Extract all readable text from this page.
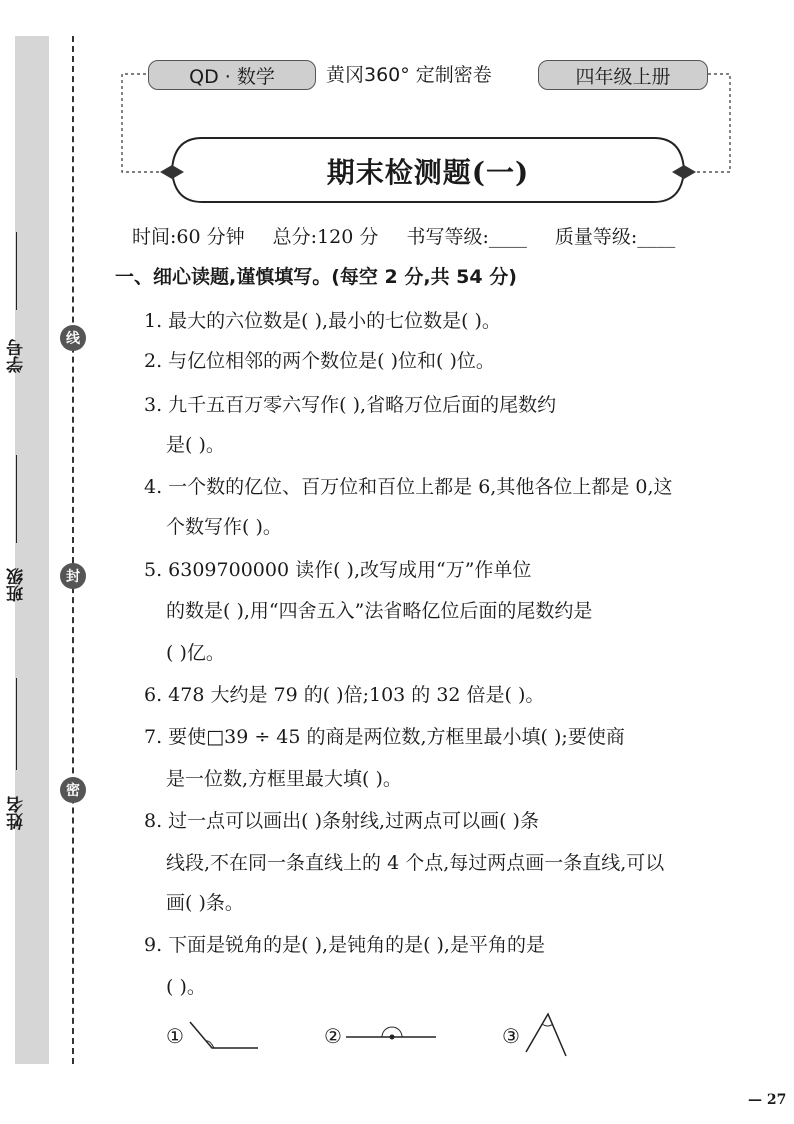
学号
班级
姓名
线
封
密
QD · 数学	黄冈360° 定制密卷	四年级上册
期末检测题(一)
时间:60 分钟 总分:120 分 书写等级:____ 质量等级:____
一、细心读题,谨慎填写。(每空 2 分,共 54 分)
1. 最大的六位数是( ),最小的七位数是( )。
2. 与亿位相邻的两个数位是( )位和( )位。
3. 九千五百万零六写作( ),省略万位后面的尾数约
是( )。
4. 一个数的亿位、百万位和百位上都是 6,其他各位上都是 0,这
个数写作( )。
5. 6309700000 读作( ),改写成用“万”作单位
的数是( ),用“四舍五入”法省略亿位后面的尾数约是
( )亿。
6. 478 大约是 79 的( )倍;103 的 32 倍是( )。
7. 要使□39 ÷ 45 的商是两位数,方框里最小填( );要使商
是一位数,方框里最大填( )。
8. 过一点可以画出( )条射线,过两点可以画( )条
线段,不在同一条直线上的 4 个点,每过两点画一条直线,可以
画( )条。
9. 下面是锐角的是( ),是钝角的是( ),是平角的是
( )。
①	②	③
— 27
